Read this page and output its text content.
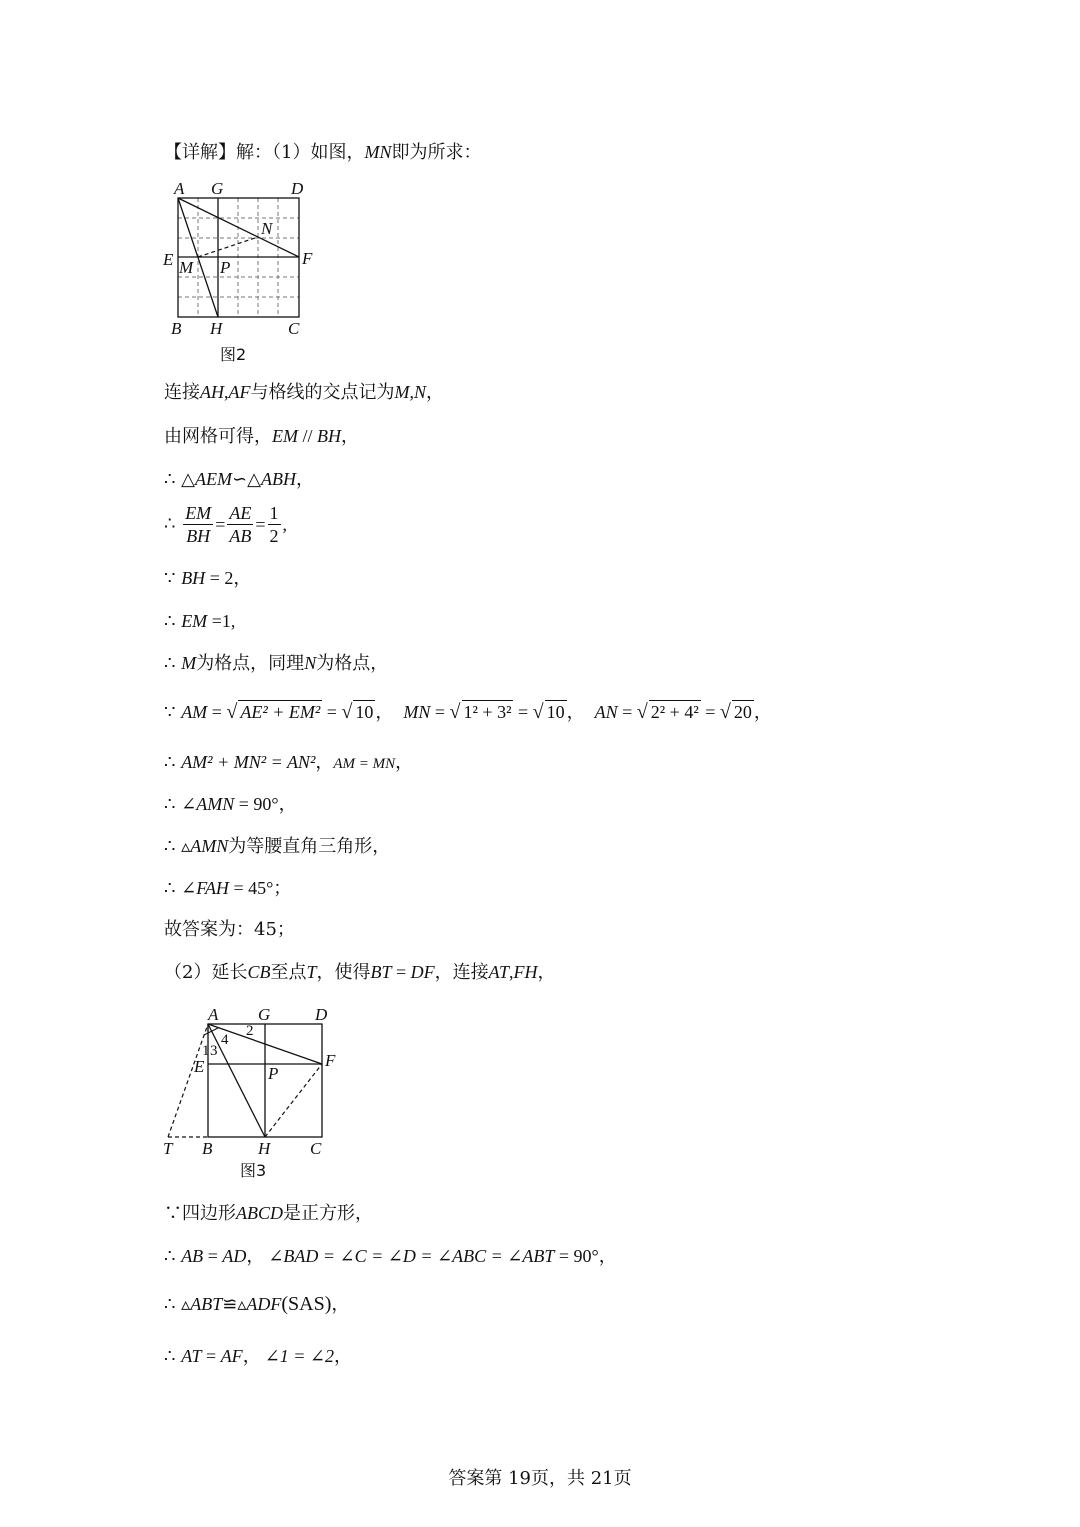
【详解】解：（1）如图，MN即为所求：
A G	D
N
E M P	F
B H	C
图2
连接AH,AF与格线的交点记为M,N，
由网格可得，EM // BH，
∴ △AEM∽△ABH，
∴ $\frac{EM}{BH} = \frac{AE}{AB} = \frac{1}{2}$ ,
∵ BH = 2，
∴ EM =1,
∴ M为格点，同理N为格点，
∵ AM = √ AE² + EM² = √ 10 ， MN = √ 1² + 3² = √ 10 ， AN = √ 2² + 4² = √ 20 ，
∴ AM² + MN² = AN²，AM = MN，
∴ ∠AMN = 90°，
∴ ▵AMN为等腰直角三角形，
∴ ∠FAH = 45°；
故答案为：45；
（2）延长CB至点T，使得BT = DF，连接AT,FH，
A G	D
2
4
1 3
E	P
F
T B	H C
图3
∵四边形ABCD是正方形，
∴ AB = AD， ∠BAD = ∠C = ∠D = ∠ABC = ∠ABT = 90°，
∴ ▵ABT≌▵ADF(SAS)，
∴ AT = AF， ∠1 = ∠2，
答案第 19页，共 21页
